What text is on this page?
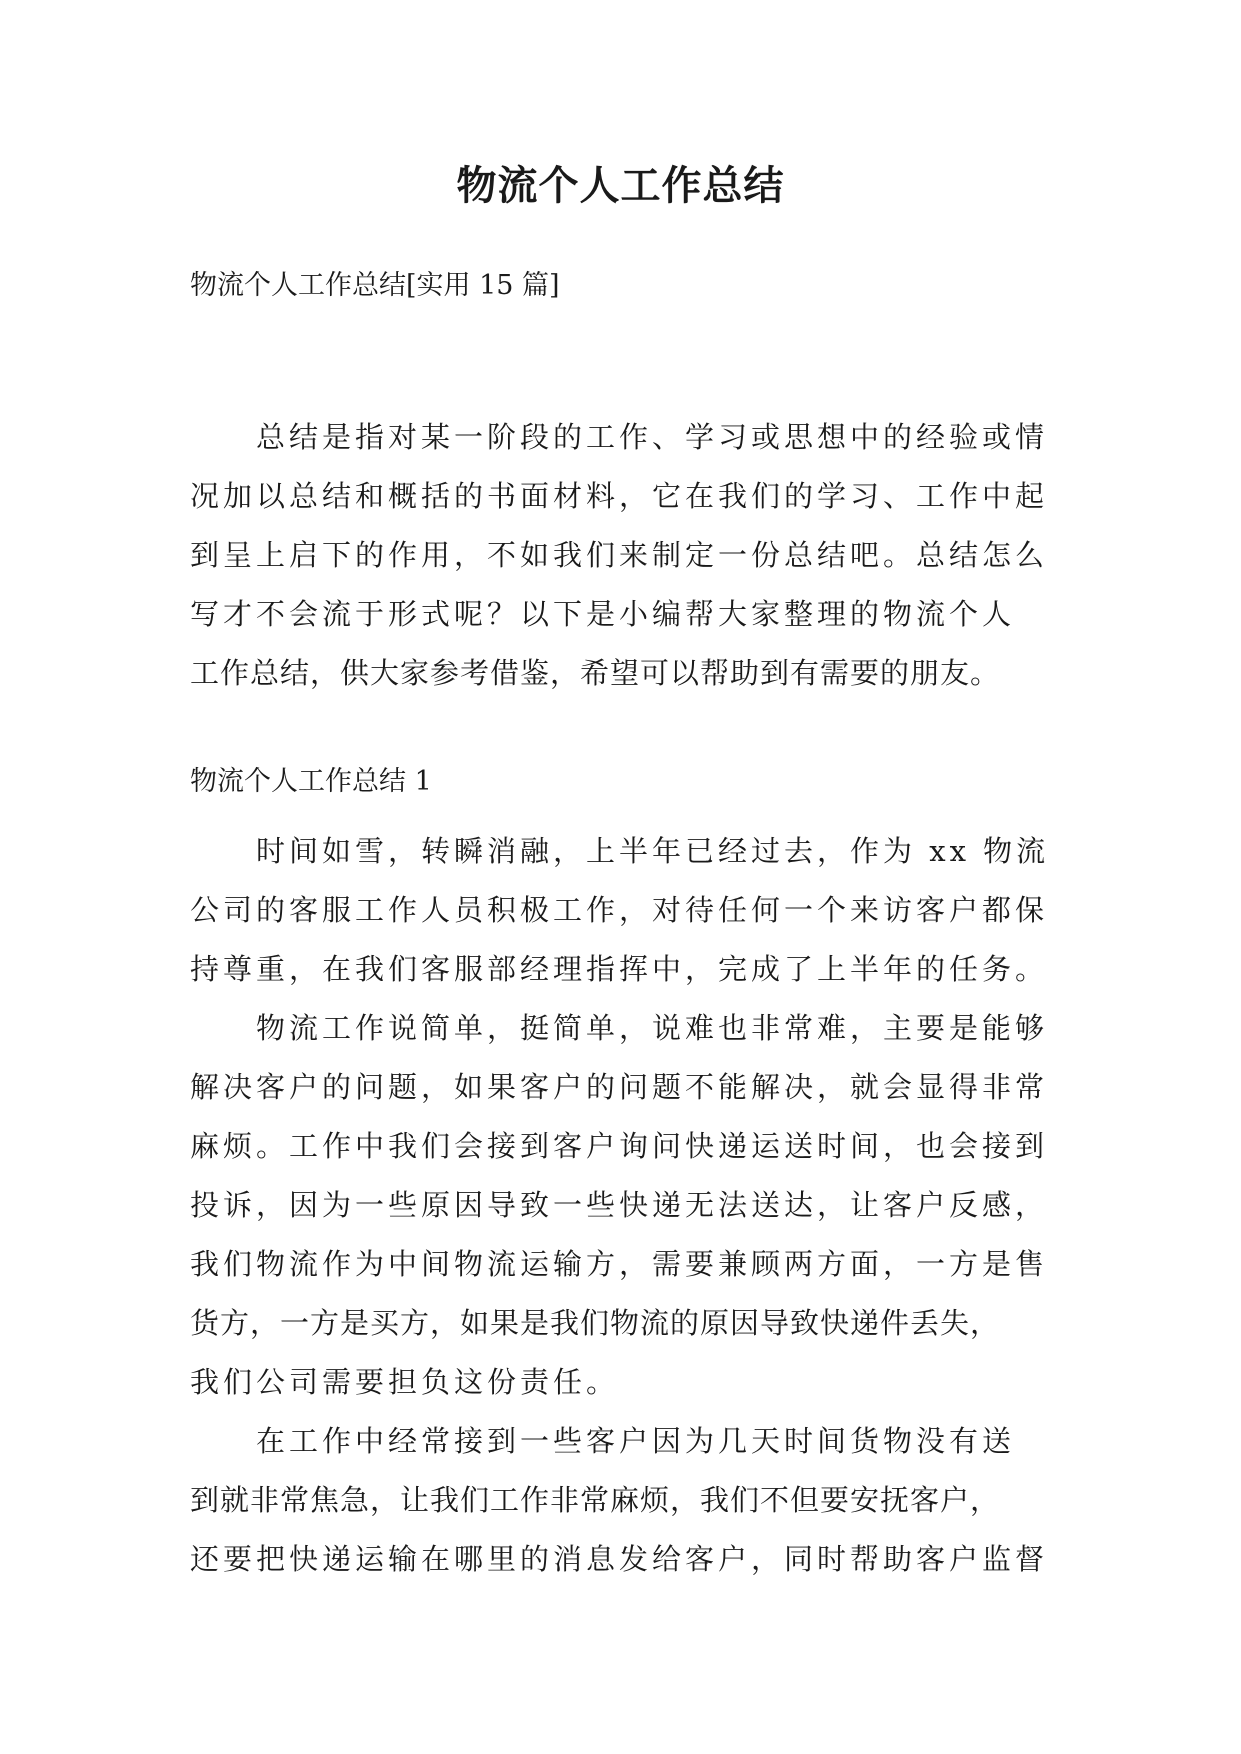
物流个人工作总结

物流个人工作总结[实用 15 篇]

总结是指对某一阶段的工作、学习或思想中的经验或情

况加以总结和概括的书面材料，它在我们的学习、工作中起

到呈上启下的作用，不如我们来制定一份总结吧。总结怎么

写才不会流于形式呢？以下是小编帮大家整理的物流个人

工作总结，供大家参考借鉴，希望可以帮助到有需要的朋友。

物流个人工作总结 1

时间如雪，转瞬消融，上半年已经过去，作为 xx 物流

公司的客服工作人员积极工作，对待任何一个来访客户都保

持尊重，在我们客服部经理指挥中，完成了上半年的任务。

物流工作说简单，挺简单，说难也非常难，主要是能够

解决客户的问题，如果客户的问题不能解决，就会显得非常

麻烦。工作中我们会接到客户询问快递运送时间，也会接到

投诉，因为一些原因导致一些快递无法送达，让客户反感，

我们物流作为中间物流运输方，需要兼顾两方面，一方是售

货方，一方是买方，如果是我们物流的原因导致快递件丢失，

我们公司需要担负这份责任。

在工作中经常接到一些客户因为几天时间货物没有送

到就非常焦急，让我们工作非常麻烦，我们不但要安抚客户，

还要把快递运输在哪里的消息发给客户，同时帮助客户监督
